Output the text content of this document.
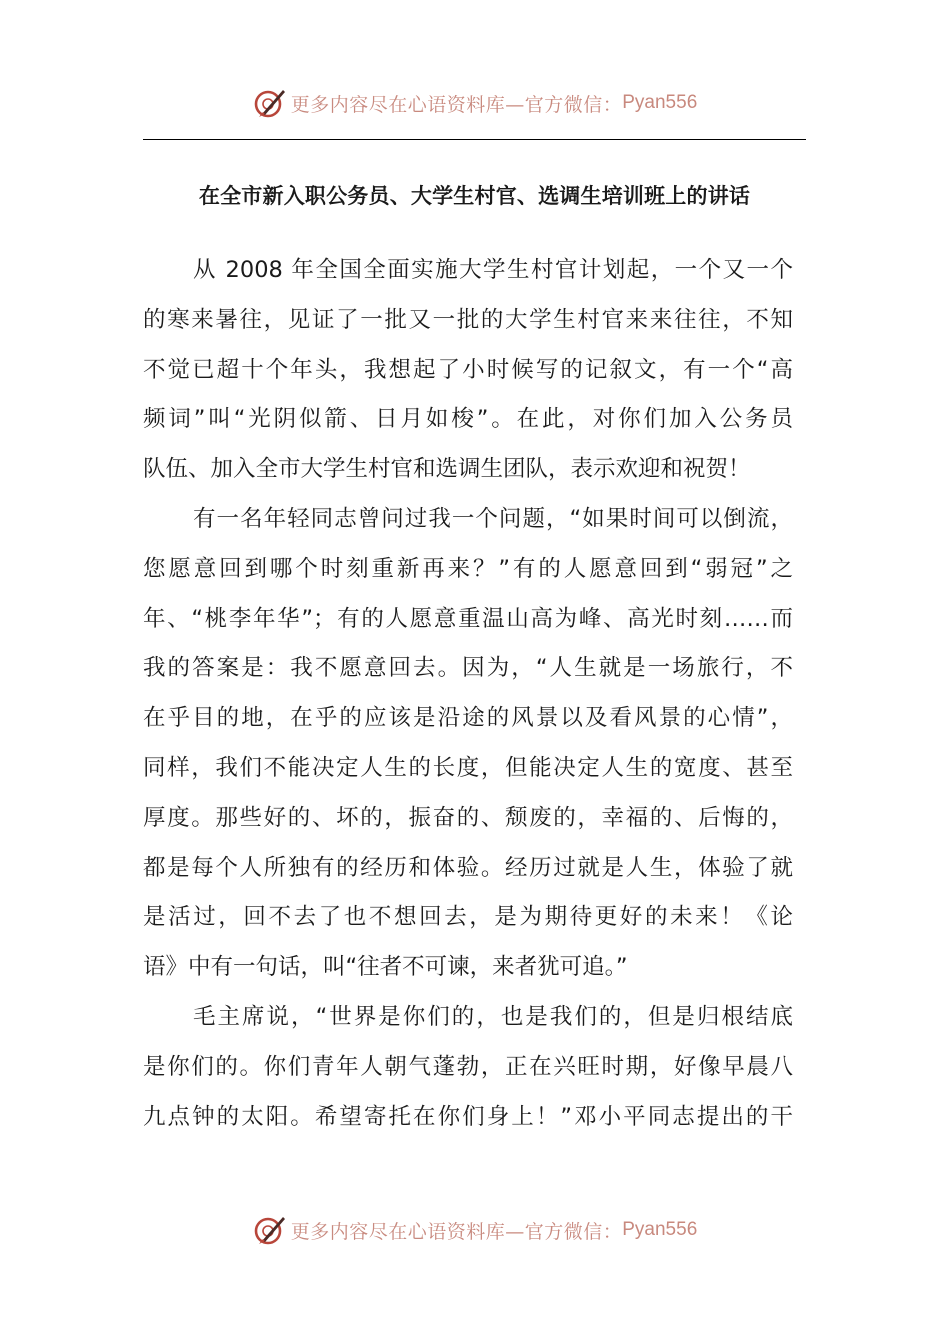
更多内容尽在心语资料库—官方微信： Pyan556
在全市新入职公务员、大学生村官、选调生培训班上的讲话
从 2008 年全国全面实施大学生村官计划起，一个又一个
的寒来暑往，见证了一批又一批的大学生村官来来往往，不知
不觉已超十个年头，我想起了小时候写的记叙文，有一个“高
频词”叫“光阴似箭、日月如梭”。在此，对你们加入公务员
队伍、加入全市大学生村官和选调生团队，表示欢迎和祝贺！
有一名年轻同志曾问过我一个问题，“如果时间可以倒流，
您愿意回到哪个时刻重新再来？”有的人愿意回到“弱冠”之
年、“桃李年华”；有的人愿意重温山高为峰、高光时刻……而
我的答案是：我不愿意回去。因为，“人生就是一场旅行，不
在乎目的地，在乎的应该是沿途的风景以及看风景的心情”，
同样，我们不能决定人生的长度，但能决定人生的宽度、甚至
厚度。那些好的、坏的，振奋的、颓废的，幸福的、后悔的，
都是每个人所独有的经历和体验。经历过就是人生，体验了就
是活过，回不去了也不想回去，是为期待更好的未来！《论
语》中有一句话，叫“往者不可谏，来者犹可追。”
毛主席说，“世界是你们的，也是我们的，但是归根结底
是你们的。你们青年人朝气蓬勃，正在兴旺时期，好像早晨八
九点钟的太阳。希望寄托在你们身上！”邓小平同志提出的干
更多内容尽在心语资料库—官方微信： Pyan556
